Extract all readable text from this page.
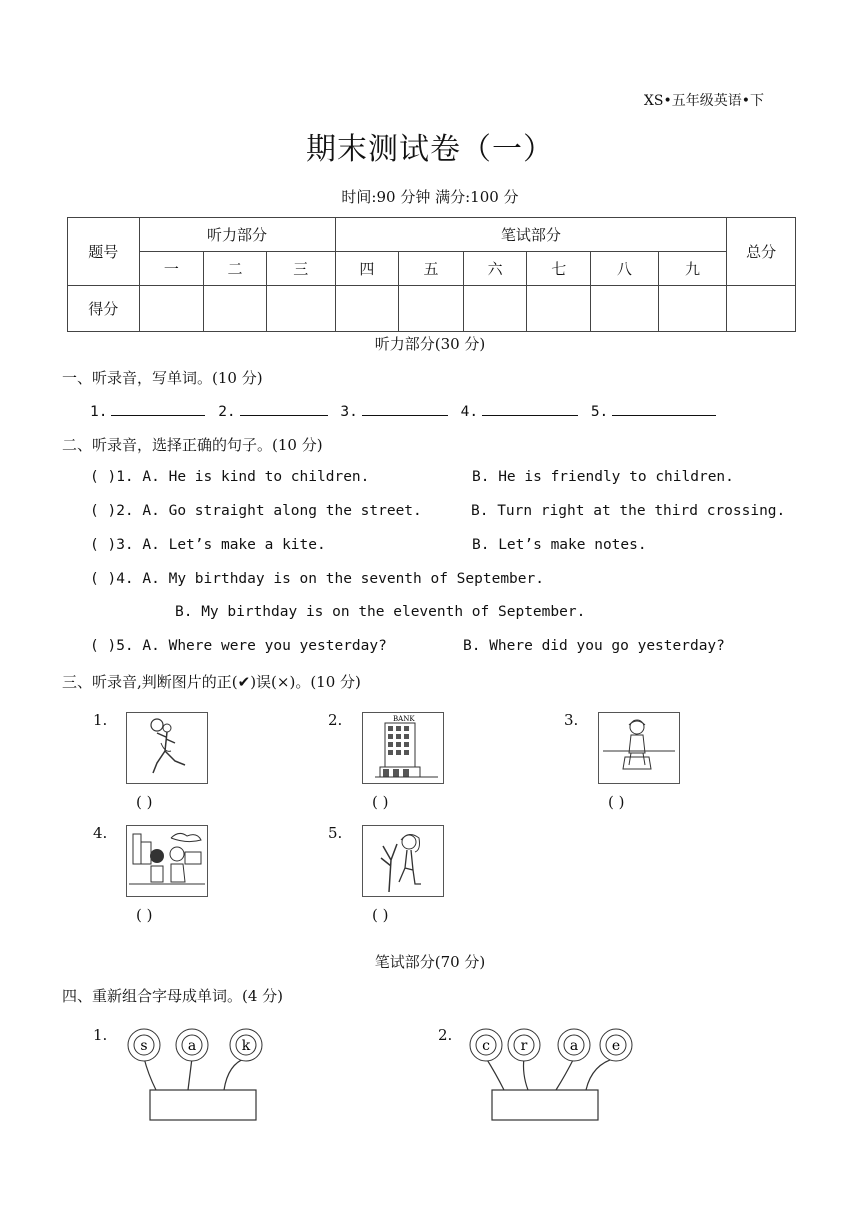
XS•五年级英语•下
期末测试卷（一）
时间:90 分钟 满分:100 分
题号	听力部分			笔试部分						总分
	一	二	三	四	五	六	七	八	九	
得分										
听力部分(30 分)
一、听录音，写单词。(10 分)
1.	2.	3.	4.	5.
二、听录音，选择正确的句子。(10 分)
( )1. A. He is kind to children.	B. He is friendly to children.
( )2. A. Go straight along the street.	B. Turn right at the third crossing.
( )3. A. Let’s make a kite.	B. Let’s make notes.
( )4. A. My birthday is on the seventh of September.
B. My birthday is on the eleventh of September.
( )5. A. Where were you yesterday?	B. Where did you go yesterday?
三、听录音,判断图片的正(✔)误(×)。(10 分)
1.
( )
2.	BANK
( )
3.
( )
4.
( )
5.
( )
笔试部分(70 分)
四、重新组合字母成单词。(4 分)
1.
s	a	k
2.
c r	a e
